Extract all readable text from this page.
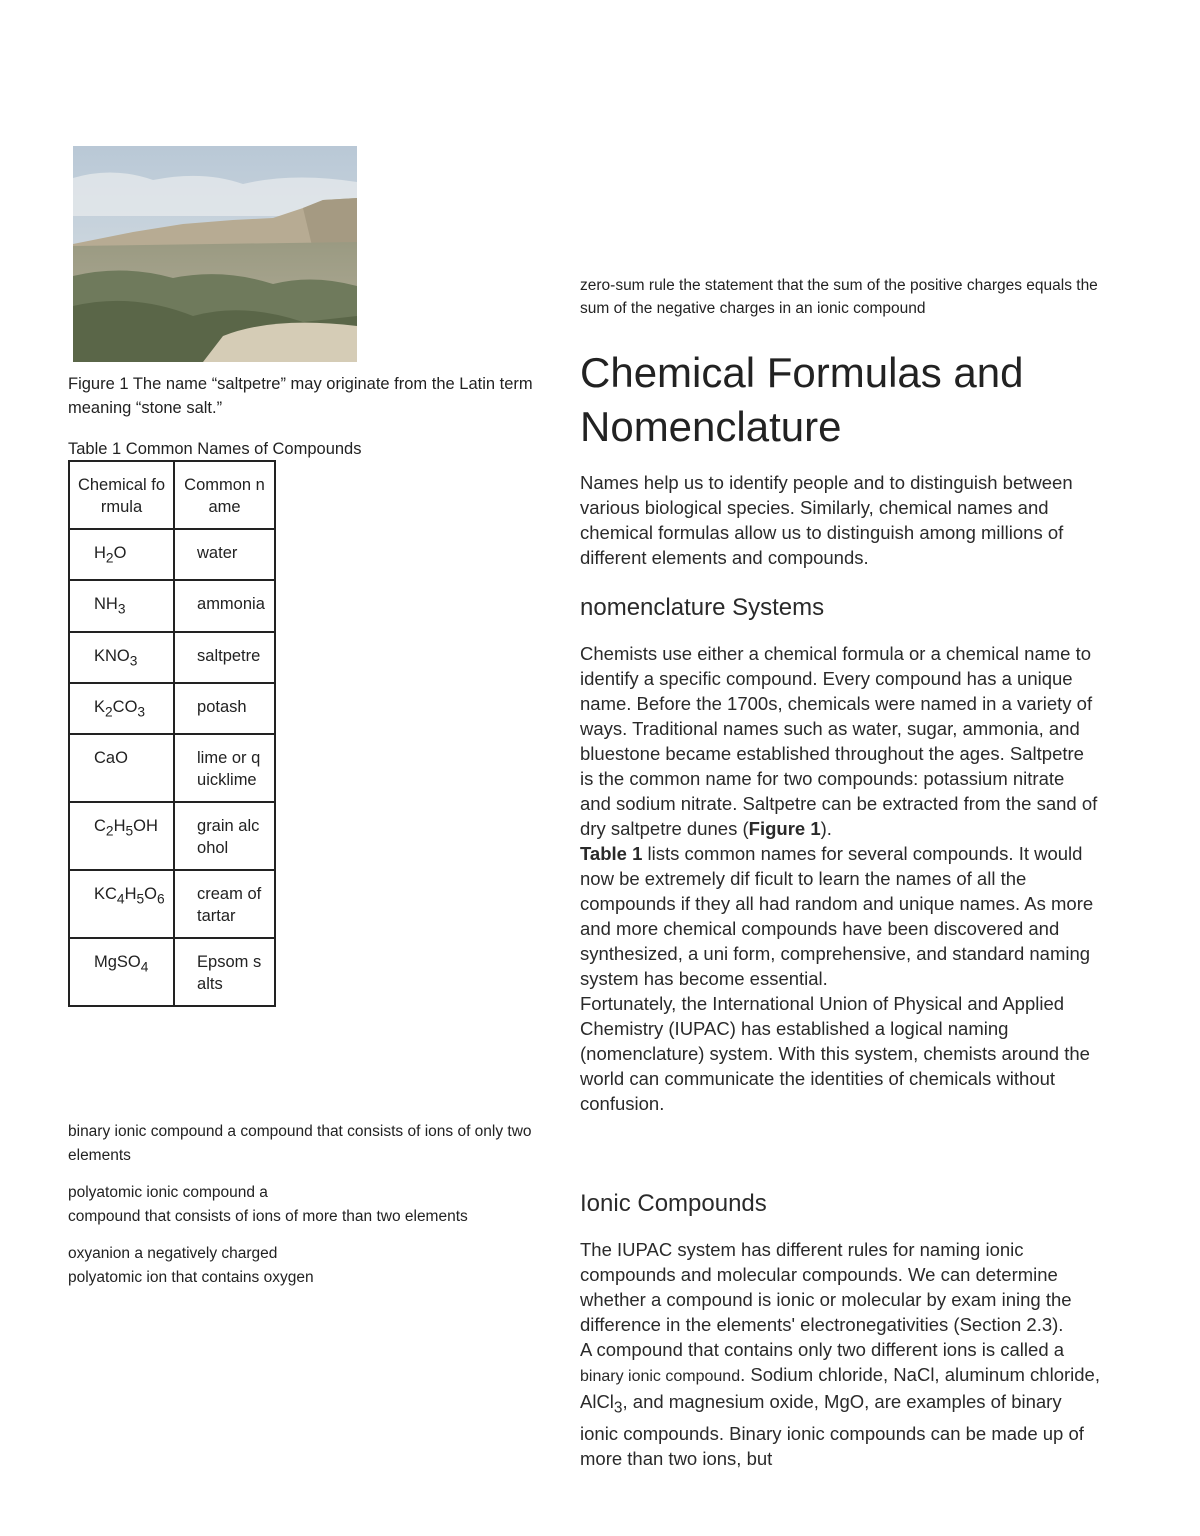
Figure 1 The name “saltpetre” may originate from the Latin term meaning “stone salt.”
Table 1 Common Names of Compounds
Chemical formula	Common name
$H_2O$	water
$NH_3$	ammonia
$KNO_3$	saltpetre
$K_2CO_3$	potash
CaO	lime or quicklime
$C_2H_5OH$	grain alcohol
$KC_4H_5O_6$	cream of tartar
MgSO$_4$	Epsom salts
binary ionic compound a compound that consists of ions of only two elements
polyatomic ionic compound a
compound that consists of ions of more than two elements
oxyanion a negatively charged
polyatomic ion that contains oxygen
zero-sum rule the statement that the sum of the positive charges equals the sum of the negative charges in an ionic compound
Chemical Formulas and Nomenclature

Names help us to identify people and to distinguish between various biological species. Similarly, chemical names and chemical formulas allow us to distinguish among millions of different elements and compounds.

nomenclature Systems

Chemists use either a chemical formula or a chemical name to identify a specific compound. Every compound has a unique name. Before the 1700s, chemicals were named in a variety of ways. Traditional names such as water, sugar, ammonia, and bluestone became established throughout the ages. Saltpetre is the common name for two compounds: potassium nitrate and sodium nitrate. Saltpetre can be extracted from the sand of dry saltpetre dunes (Figure 1).

Table 1 lists common names for several compounds. It would now be extremely dif ficult to learn the names of all the compounds if they all had random and unique names. As more and more chemical compounds have been discovered and synthesized, a uni form, comprehensive, and standard naming system has become essential.

Fortunately, the International Union of Physical and Applied Chemistry (IUPAC) has established a logical naming (nomenclature) system. With this system, chemists around the world can communicate the identities of chemicals without confusion.

Ionic Compounds

The IUPAC system has different rules for naming ionic compounds and molecular compounds. We can determine whether a compound is ionic or molecular by exam ining the difference in the elements' electronegativities (Section 2.3).

A compound that contains only two different ions is called a binary ionic compound. Sodium chloride, NaCl, aluminum chloride, AlCl$_3$, and magnesium oxide, MgO, are examples of binary ionic compounds. Binary ionic compounds can be made up of more than two ions, but
